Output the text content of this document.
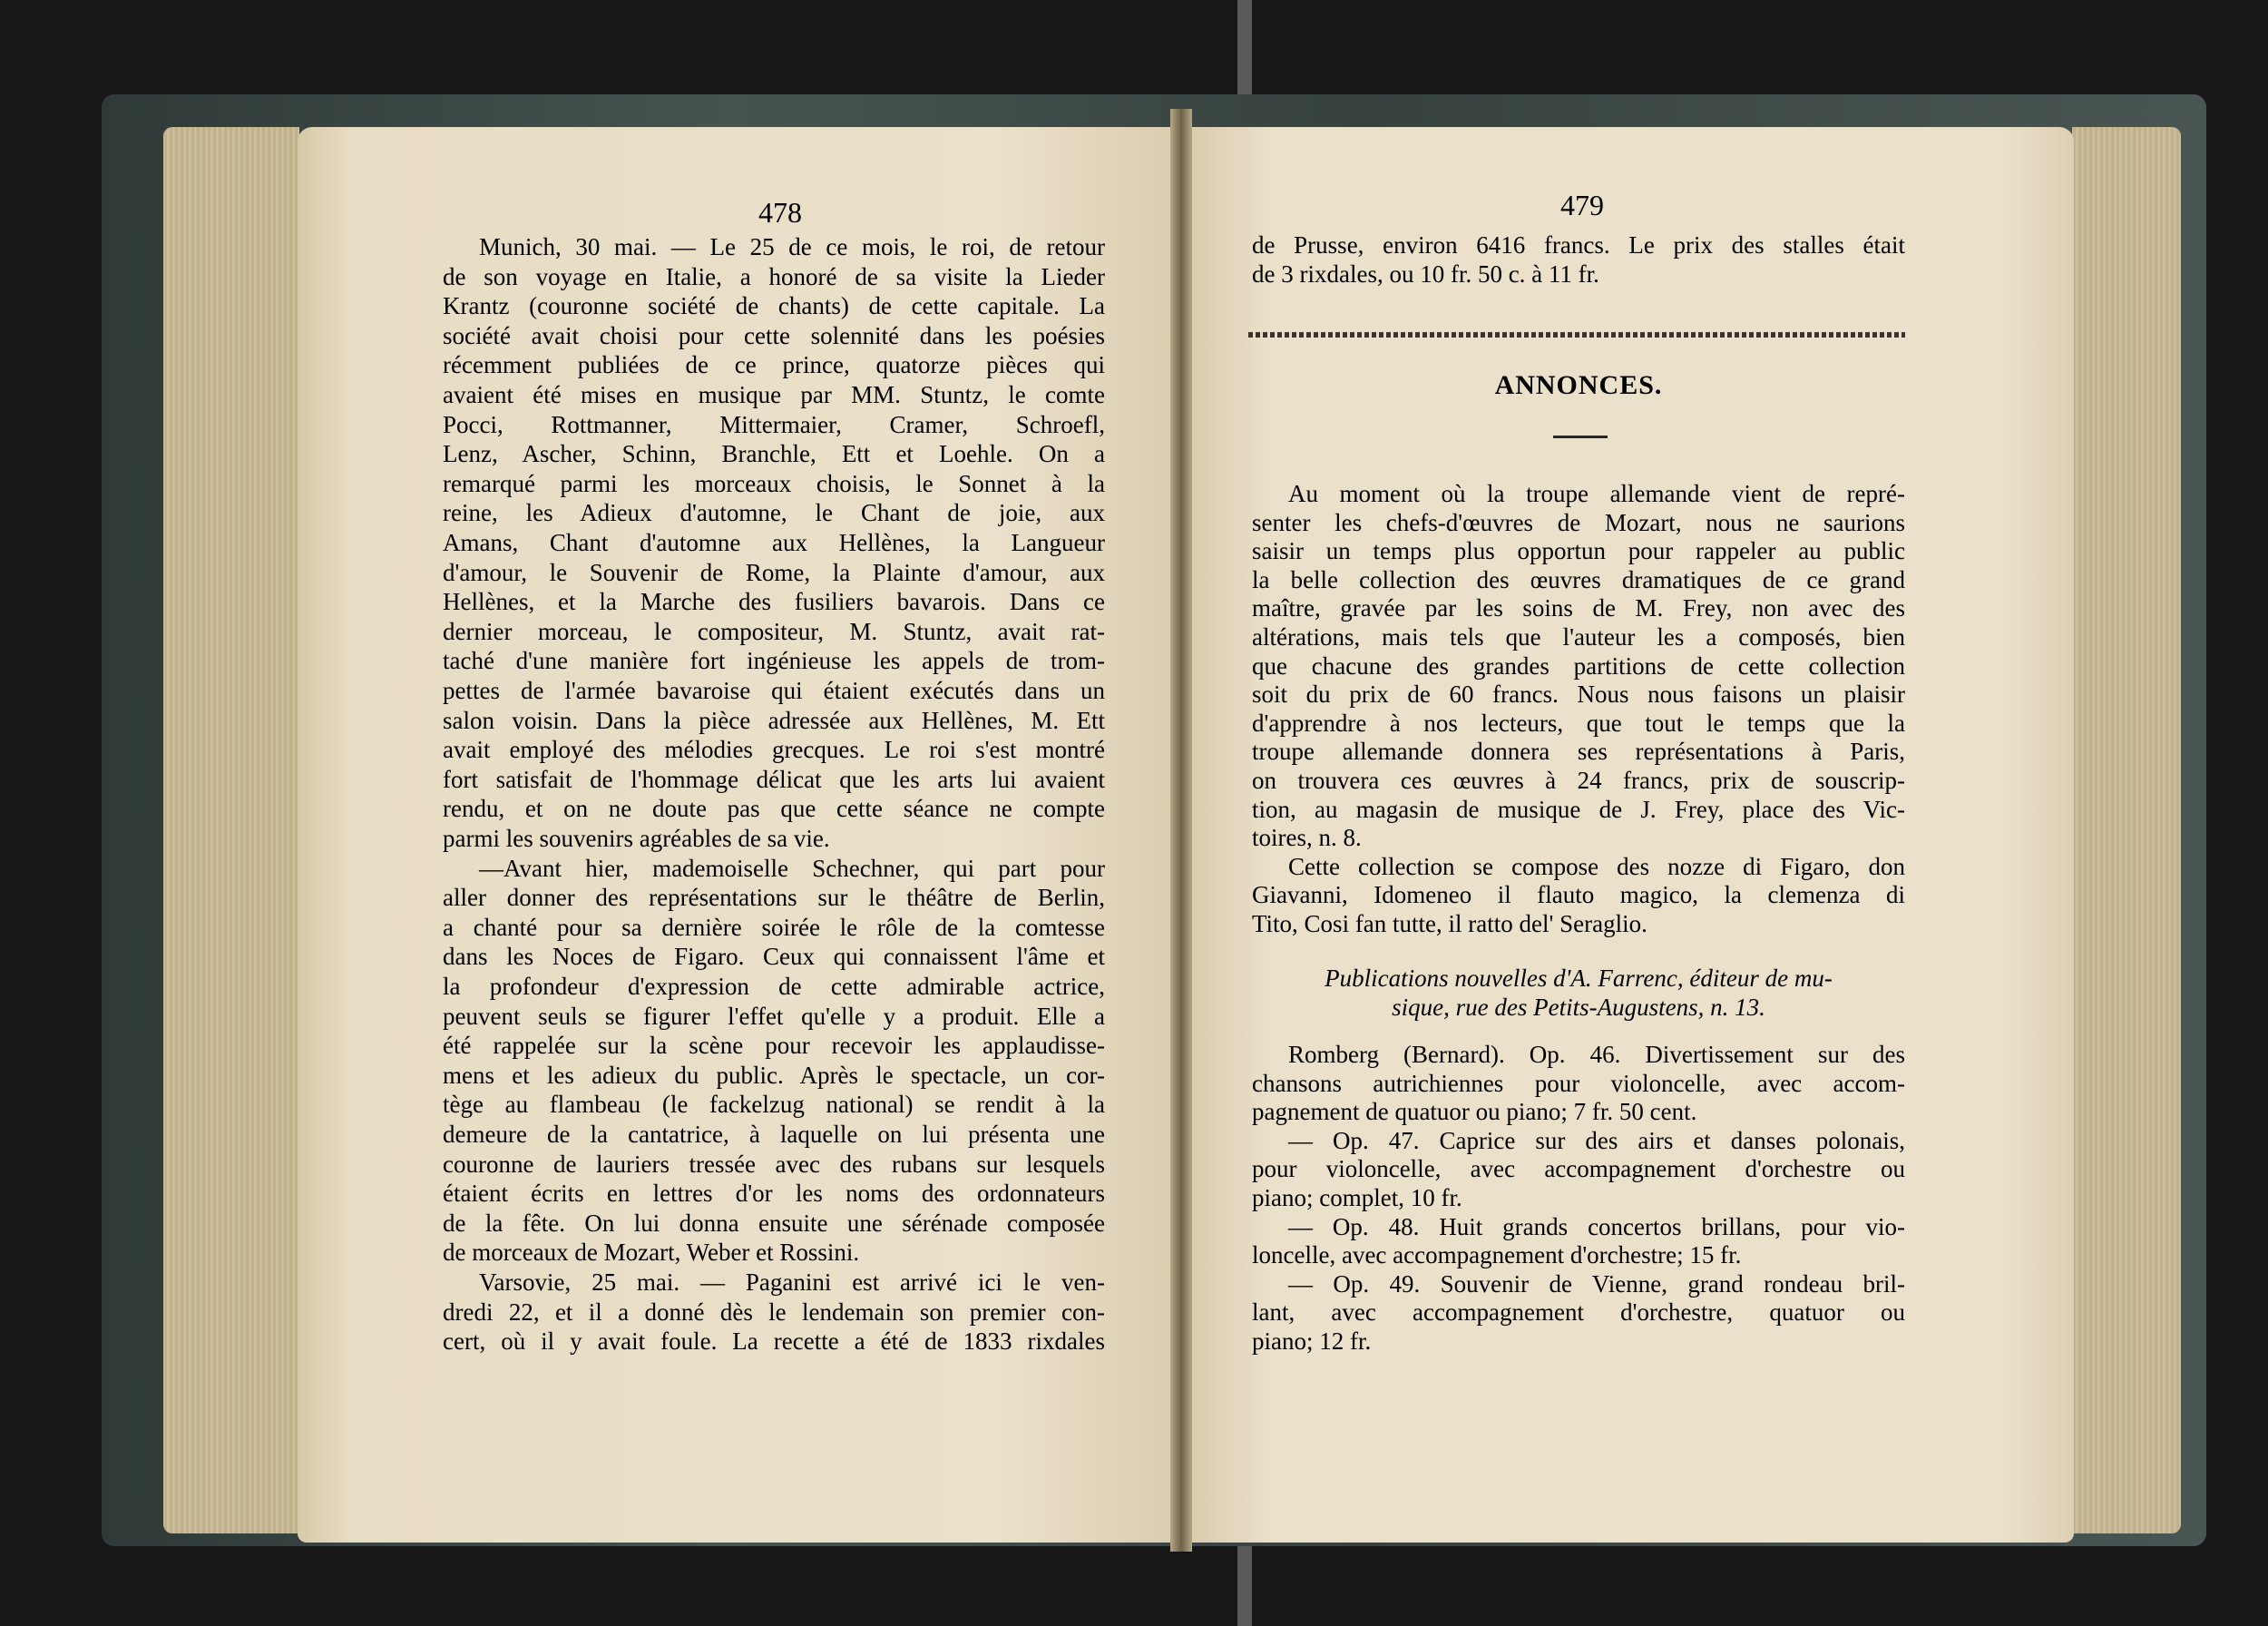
478	479
Munich, 30 mai. — Le 25 de ce mois, le roi, de retour
de son voyage en Italie, a honoré de sa visite la Lieder
Krantz (couronne société de chants) de cette capitale. La
société avait choisi pour cette solennité dans les poésies
récemment publiées de ce prince, quatorze pièces qui
avaient été mises en musique par MM. Stuntz, le comte
Pocci, Rottmanner, Mittermaier, Cramer, Schroefl,
Lenz, Ascher, Schinn, Branchle, Ett et Loehle. On a
remarqué parmi les morceaux choisis, le Sonnet à la
reine, les Adieux d'automne, le Chant de joie, aux
Amans, Chant d'automne aux Hellènes, la Langueur
d'amour, le Souvenir de Rome, la Plainte d'amour, aux
Hellènes, et la Marche des fusiliers bavarois. Dans ce
dernier morceau, le compositeur, M. Stuntz, avait rat-
taché d'une manière fort ingénieuse les appels de trom-
pettes de l'armée bavaroise qui étaient exécutés dans un
salon voisin. Dans la pièce adressée aux Hellènes, M. Ett
avait employé des mélodies grecques. Le roi s'est montré
fort satisfait de l'hommage délicat que les arts lui avaient
rendu, et on ne doute pas que cette séance ne compte
parmi les souvenirs agréables de sa vie.
—Avant hier, mademoiselle Schechner, qui part pour
aller donner des représentations sur le théâtre de Berlin,
a chanté pour sa dernière soirée le rôle de la comtesse
dans les Noces de Figaro. Ceux qui connaissent l'âme et
la profondeur d'expression de cette admirable actrice,
peuvent seuls se figurer l'effet qu'elle y a produit. Elle a
été rappelée sur la scène pour recevoir les applaudisse-
mens et les adieux du public. Après le spectacle, un cor-
tège au flambeau (le fackelzug national) se rendit à la
demeure de la cantatrice, à laquelle on lui présenta une
couronne de lauriers tressée avec des rubans sur lesquels
étaient écrits en lettres d'or les noms des ordonnateurs
de la fête. On lui donna ensuite une sérénade composée
de morceaux de Mozart, Weber et Rossini.
Varsovie, 25 mai. — Paganini est arrivé ici le ven-
dredi 22, et il a donné dès le lendemain son premier con-
cert, où il y avait foule. La recette a été de 1833 rixdales
de Prusse, environ 6416 francs. Le prix des stalles était
de 3 rixdales, ou 10 fr. 50 c. à 11 fr.
ANNONCES.
Au moment où la troupe allemande vient de repré-
senter les chefs-d'œuvres de Mozart, nous ne saurions
saisir un temps plus opportun pour rappeler au public
la belle collection des œuvres dramatiques de ce grand
maître, gravée par les soins de M. Frey, non avec des
altérations, mais tels que l'auteur les a composés, bien
que chacune des grandes partitions de cette collection
soit du prix de 60 francs. Nous nous faisons un plaisir
d'apprendre à nos lecteurs, que tout le temps que la
troupe allemande donnera ses représentations à Paris,
on trouvera ces œuvres à 24 francs, prix de souscrip-
tion, au magasin de musique de J. Frey, place des Vic-
toires, n. 8.
Cette collection se compose des nozze di Figaro, don
Giavanni, Idomeneo il flauto magico, la clemenza di
Tito, Cosi fan tutte, il ratto del' Seraglio.
Publications nouvelles d'A. Farrenc, éditeur de mu-
sique, rue des Petits-Augustens, n. 13.
Romberg (Bernard). Op. 46. Divertissement sur des
chansons autrichiennes pour violoncelle, avec accom-
pagnement de quatuor ou piano; 7 fr. 50 cent.
— Op. 47. Caprice sur des airs et danses polonais,
pour violoncelle, avec accompagnement d'orchestre ou
piano; complet, 10 fr.
— Op. 48. Huit grands concertos brillans, pour vio-
loncelle, avec accompagnement d'orchestre; 15 fr.
— Op. 49. Souvenir de Vienne, grand rondeau bril-
lant, avec accompagnement d'orchestre, quatuor ou
piano; 12 fr.
